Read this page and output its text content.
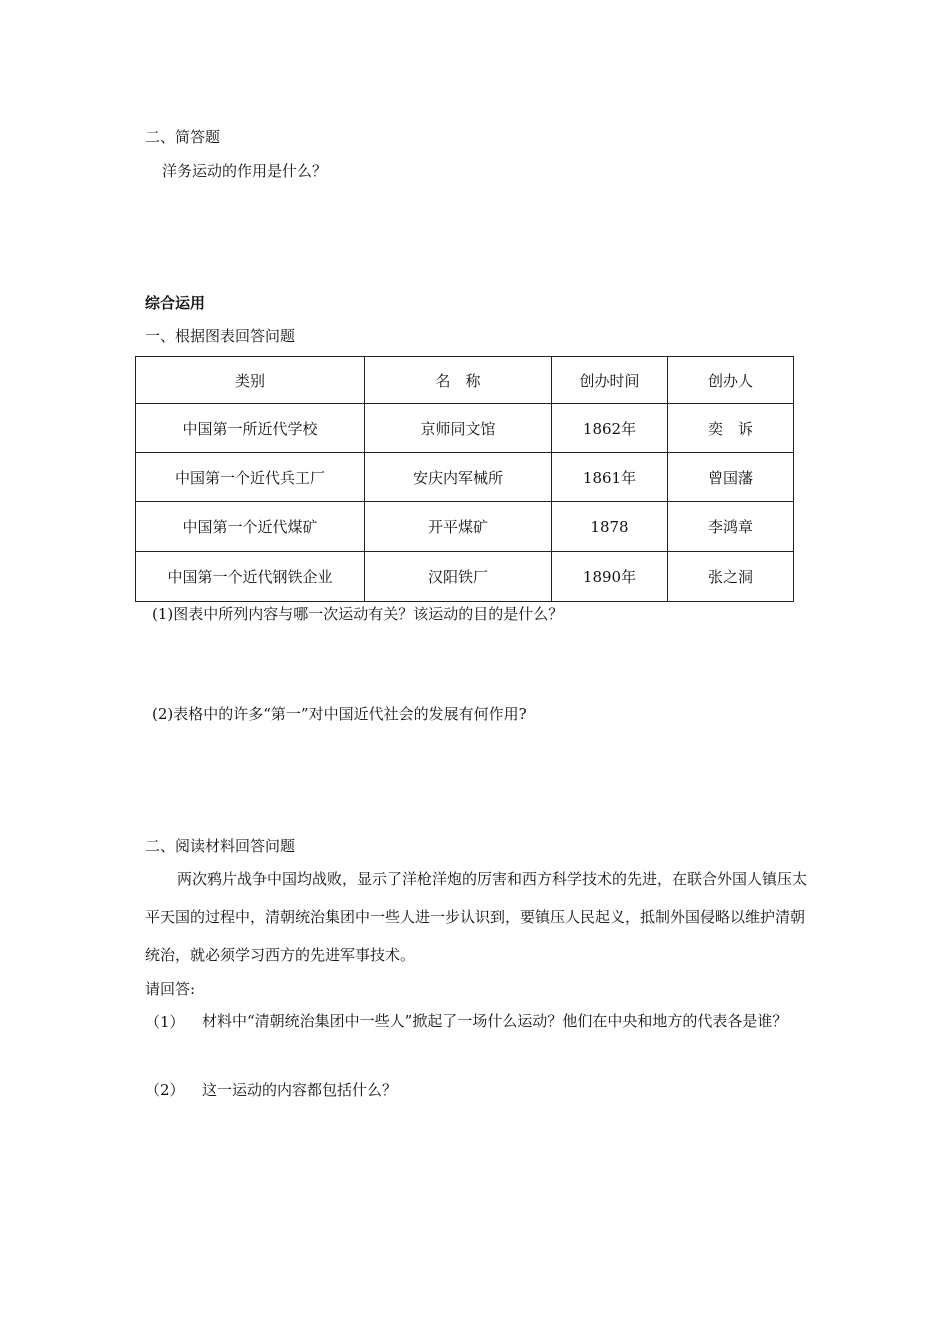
二、简答题
洋务运动的作用是什么？
综合运用
一、根据图表回答问题
类别	名　称	创办时间	创办人
中国第一所近代学校	京师同文馆	1862年	奕　诉
中国第一个近代兵工厂	安庆内军械所	1861年	曾国藩
中国第一个近代煤矿	开平煤矿	1878	李鸿章
中国第一个近代钢铁企业	汉阳铁厂	1890年	张之洞
(1)图表中所列内容与哪一次运动有关？该运动的目的是什么？
(2)表格中的许多“第一”对中国近代社会的发展有何作用?
二、阅读材料回答问题
两次鸦片战争中国均战败，显示了洋枪洋炮的厉害和西方科学技术的先进，在联合外国人镇压太平天国的过程中，清朝统治集团中一些人进一步认识到，要镇压人民起义，抵制外国侵略以维护清朝统治，就必须学习西方的先进军事技术。
请回答:
（1） 材料中“清朝统治集团中一些人”掀起了一场什么运动？他们在中央和地方的代表各是谁？
（2） 这一运动的内容都包括什么？
